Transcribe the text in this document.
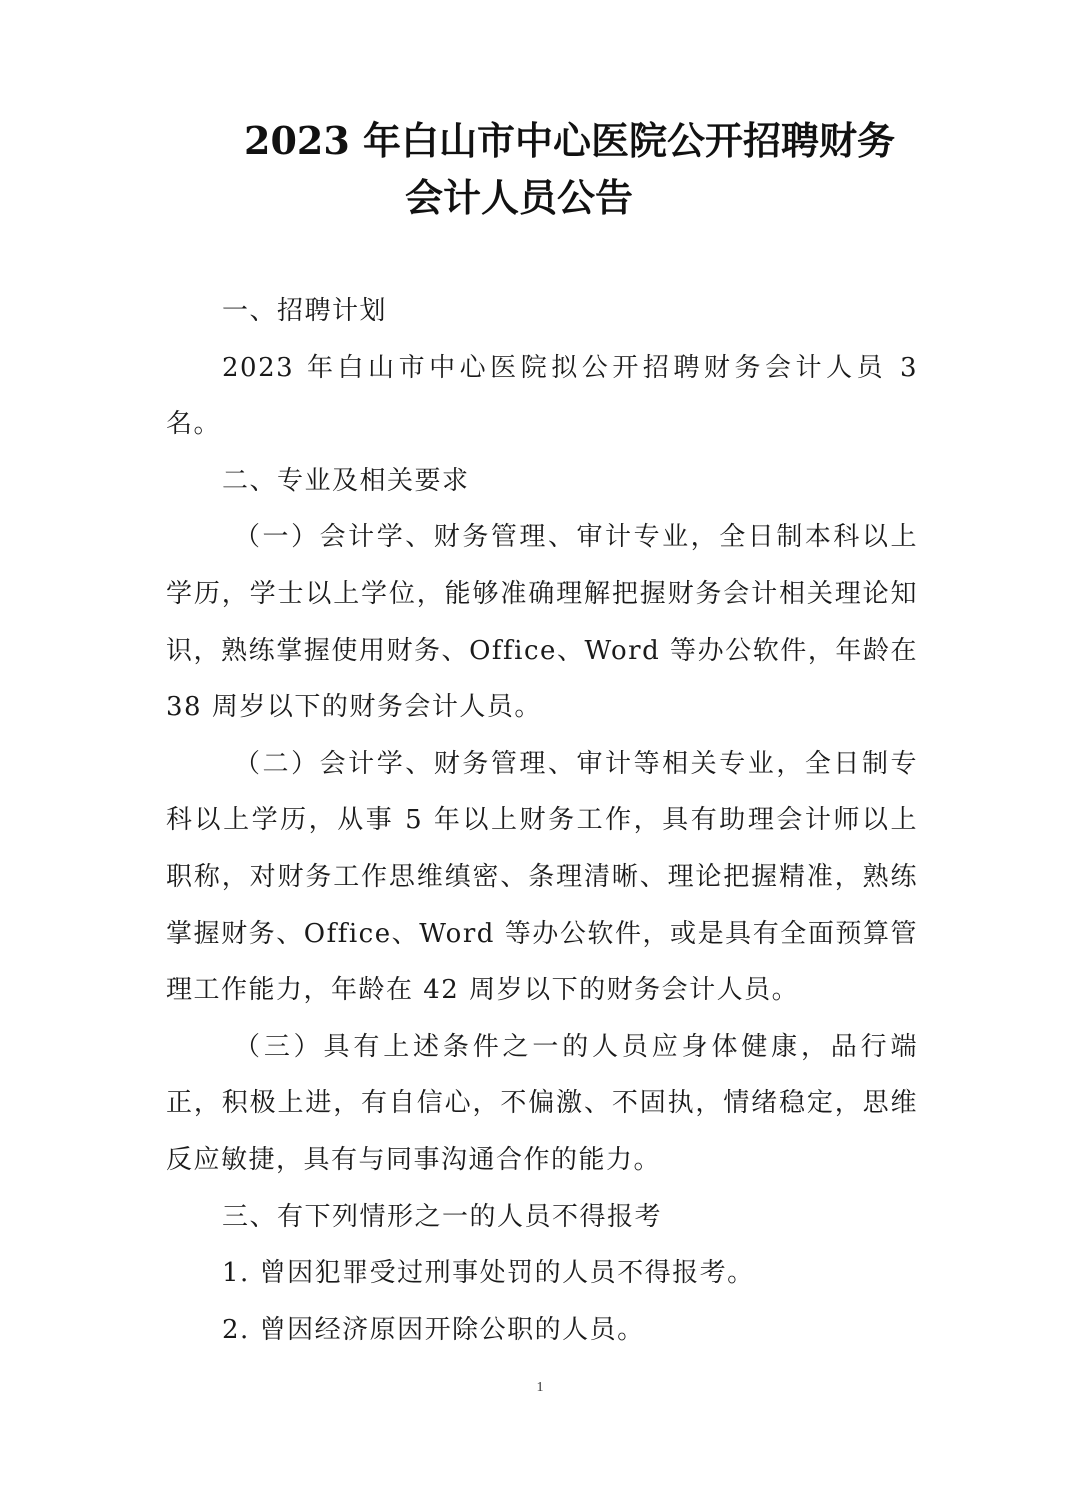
2023 年白山市中心医院公开招聘财务
会计人员公告

一、招聘计划

2023 年白山市中心医院拟公开招聘财务会计人员 3 名。

二、专业及相关要求

（一）会计学、财务管理、审计专业，全日制本科以上学历，学士以上学位，能够准确理解把握财务会计相关理论知识，熟练掌握使用财务、Office、Word 等办公软件，年龄在 38 周岁以下的财务会计人员。

（二）会计学、财务管理、审计等相关专业，全日制专科以上学历，从事 5 年以上财务工作，具有助理会计师以上职称，对财务工作思维缜密、条理清晰、理论把握精准，熟练掌握财务、Office、Word 等办公软件，或是具有全面预算管理工作能力，年龄在 42 周岁以下的财务会计人员。

（三）具有上述条件之一的人员应身体健康，品行端正，积极上进，有自信心，不偏激、不固执，情绪稳定，思维反应敏捷，具有与同事沟通合作的能力。

三、有下列情形之一的人员不得报考

1. 曾因犯罪受过刑事处罚的人员不得报考。

2. 曾因经济原因开除公职的人员。

1
